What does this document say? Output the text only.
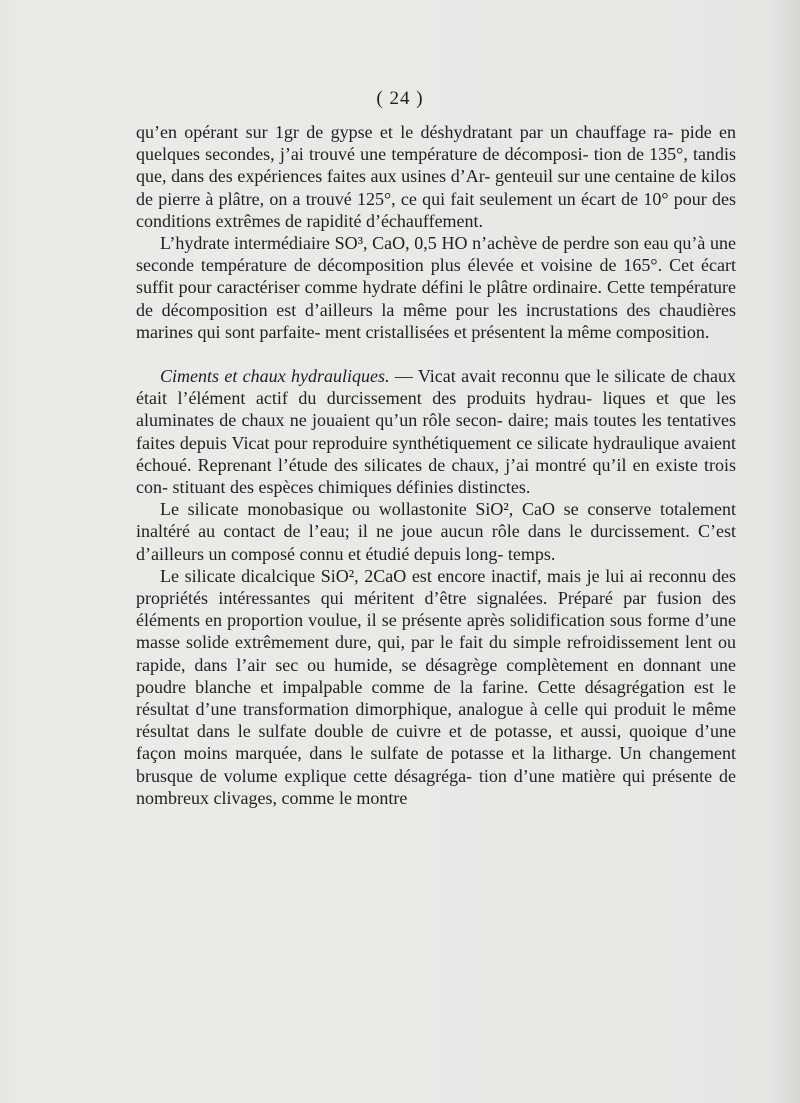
( 24 )

qu’en opérant sur 1gr de gypse et le déshydratant par un chauffage ra- pide en quelques secondes, j’ai trouvé une température de décomposi- tion de 135°, tandis que, dans des expériences faites aux usines d’Ar- genteuil sur une centaine de kilos de pierre à plâtre, on a trouvé 125°, ce qui fait seulement un écart de 10° pour des conditions extrêmes de rapidité d’échauffement.

L’hydrate intermédiaire SO³, CaO, 0,5 HO n’achève de perdre son eau qu’à une seconde température de décomposition plus élevée et voisine de 165°. Cet écart suffit pour caractériser comme hydrate défini le plâtre ordinaire. Cette température de décomposition est d’ailleurs la même pour les incrustations des chaudières marines qui sont parfaite- ment cristallisées et présentent la même composition.

Ciments et chaux hydrauliques. — Vicat avait reconnu que le silicate de chaux était l’élément actif du durcissement des produits hydrau- liques et que les aluminates de chaux ne jouaient qu’un rôle secon- daire; mais toutes les tentatives faites depuis Vicat pour reproduire synthétiquement ce silicate hydraulique avaient échoué. Reprenant l’étude des silicates de chaux, j’ai montré qu’il en existe trois con- stituant des espèces chimiques définies distinctes.

Le silicate monobasique ou wollastonite SiO², CaO se conserve totalement inaltéré au contact de l’eau; il ne joue aucun rôle dans le durcissement. C’est d’ailleurs un composé connu et étudié depuis long- temps.

Le silicate dicalcique SiO², 2CaO est encore inactif, mais je lui ai reconnu des propriétés intéressantes qui méritent d’être signalées. Préparé par fusion des éléments en proportion voulue, il se présente après solidification sous forme d’une masse solide extrêmement dure, qui, par le fait du simple refroidissement lent ou rapide, dans l’air sec ou humide, se désagrège complètement en donnant une poudre blanche et impalpable comme de la farine. Cette désagrégation est le résultat d’une transformation dimorphique, analogue à celle qui produit le même résultat dans le sulfate double de cuivre et de potasse, et aussi, quoique d’une façon moins marquée, dans le sulfate de potasse et la litharge. Un changement brusque de volume explique cette désagréga- tion d’une matière qui présente de nombreux clivages, comme le montre
